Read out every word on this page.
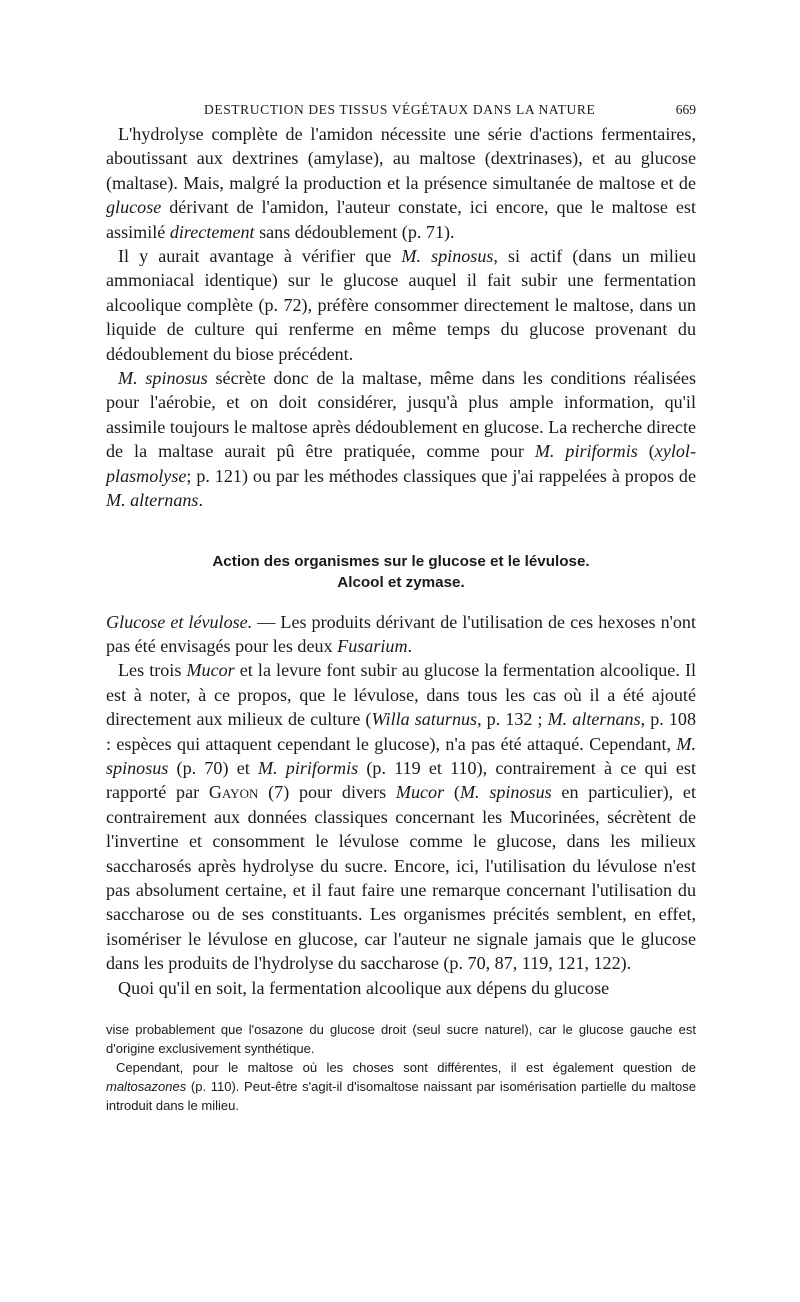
DESTRUCTION DES TISSUS VÉGÉTAUX DANS LA NATURE	669

L'hydrolyse complète de l'amidon nécessite une série d'actions fermentaires, aboutissant aux dextrines (amylase), au maltose (dextrinases), et au glucose (maltase). Mais, malgré la production et la présence simultanée de maltose et de glucose dérivant de l'amidon, l'auteur constate, ici encore, que le maltose est assimilé directement sans dédoublement (p. 71).

Il y aurait avantage à vérifier que M. spinosus, si actif (dans un milieu ammoniacal identique) sur le glucose auquel il fait subir une fermentation alcoolique complète (p. 72), préfère consommer directement le maltose, dans un liquide de culture qui renferme en même temps du glucose provenant du dédoublement du biose précédent.

M. spinosus sécrète donc de la maltase, même dans les conditions réalisées pour l'aérobie, et on doit considérer, jusqu'à plus ample information, qu'il assimile toujours le maltose après dédoublement en glucose. La recherche directe de la maltase aurait pû être pratiquée, comme pour M. piriformis (xylol-plasmolyse; p. 121) ou par les méthodes classiques que j'ai rappelées à propos de M. alternans.

Action des organismes sur le glucose et le lévulose.
Alcool et zymase.

Glucose et lévulose. — Les produits dérivant de l'utilisation de ces hexoses n'ont pas été envisagés pour les deux Fusarium.

Les trois Mucor et la levure font subir au glucose la fermentation alcoolique. Il est à noter, à ce propos, que le lévulose, dans tous les cas où il a été ajouté directement aux milieux de culture (Willa saturnus, p. 132 ; M. alternans, p. 108 : espèces qui attaquent cependant le glucose), n'a pas été attaqué. Cependant, M. spinosus (p. 70) et M. piriformis (p. 119 et 110), contrairement à ce qui est rapporté par Gayon (7) pour divers Mucor (M. spinosus en particulier), et contrairement aux données classiques concernant les Mucorinées, sécrètent de l'invertine et consomment le lévulose comme le glucose, dans les milieux saccharosés après hydrolyse du sucre. Encore, ici, l'utilisation du lévulose n'est pas absolument certaine, et il faut faire une remarque concernant l'utilisation du saccharose ou de ses constituants. Les organismes précités semblent, en effet, isomériser le lévulose en glucose, car l'auteur ne signale jamais que le glucose dans les produits de l'hydrolyse du saccharose (p. 70, 87, 119, 121, 122).

Quoi qu'il en soit, la fermentation alcoolique aux dépens du glucose

vise probablement que l'osazone du glucose droit (seul sucre naturel), car le glucose gauche est d'origine exclusivement synthétique.

Cependant, pour le maltose où les choses sont différentes, il est également question de maltosazones (p. 110). Peut-être s'agit-il d'isomaltose naissant par isomérisation partielle du maltose introduit dans le milieu.
